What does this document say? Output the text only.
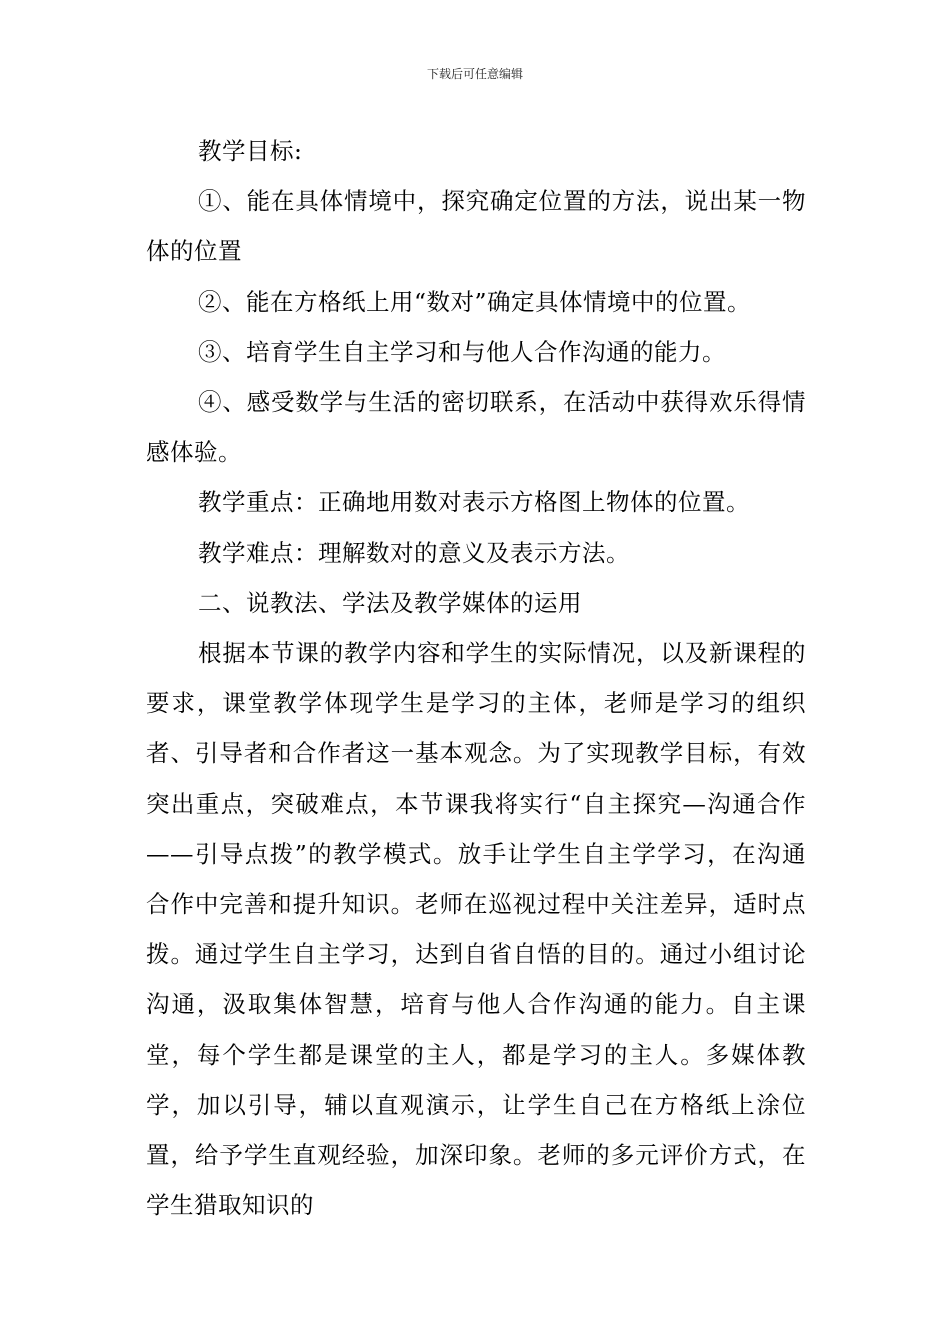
下载后可任意编辑

教学目标:

①、能在具体情境中，探究确定位置的方法，说出某一物体的位置

②、能在方格纸上用“数对”确定具体情境中的位置。

③、培育学生自主学习和与他人合作沟通的能力。

④、感受数学与生活的密切联系，在活动中获得欢乐得情感体验。

教学重点：正确地用数对表示方格图上物体的位置。

教学难点：理解数对的意义及表示方法。

二、说教法、学法及教学媒体的运用

根据本节课的教学内容和学生的实际情况，以及新课程的要求，课堂教学体现学生是学习的主体，老师是学习的组织者、引导者和合作者这一基本观念。为了实现教学目标，有效突出重点，突破难点，本节课我将实行“自主探究—沟通合作——引导点拨”的教学模式。放手让学生自主学学习，在沟通合作中完善和提升知识。老师在巡视过程中关注差异，适时点拨。通过学生自主学习，达到自省自悟的目的。通过小组讨论沟通，汲取集体智慧，培育与他人合作沟通的能力。自主课堂，每个学生都是课堂的主人，都是学习的主人。多媒体教学，加以引导，辅以直观演示，让学生自己在方格纸上涂位置，给予学生直观经验，加深印象。老师的多元评价方式，在学生猎取知识的
